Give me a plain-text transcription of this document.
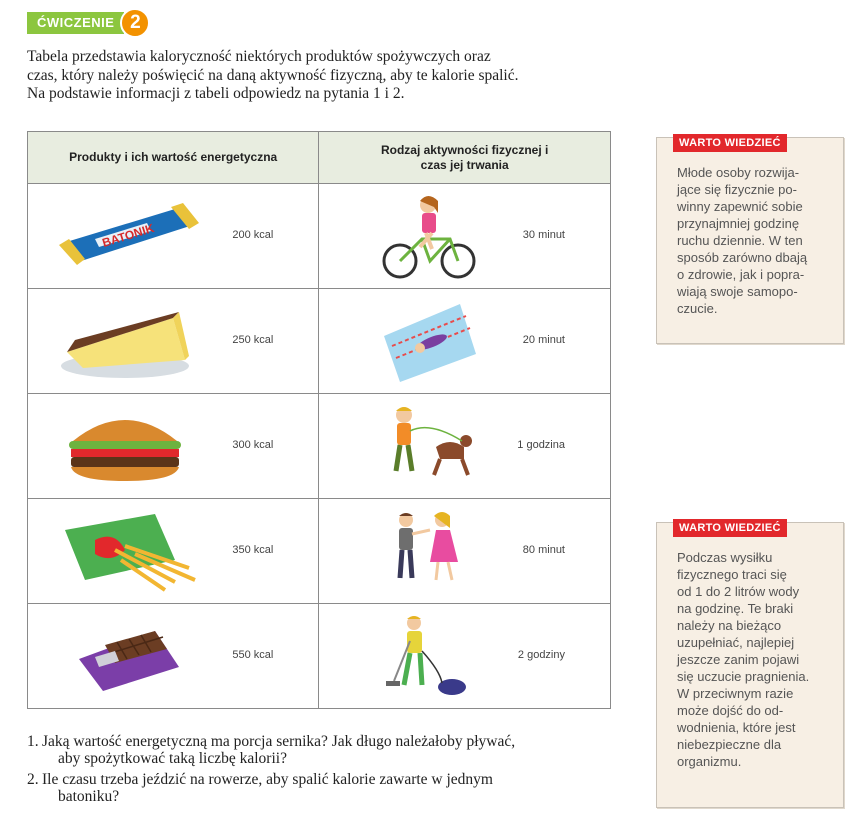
ĆWICZENIE 2

Tabela przedstawia kaloryczność niektórych produktów spożywczych oraz

czas, który należy poświęcić na daną aktywność fizyczną, aby te kalorie spalić.

Na podstawie informacji z tabeli odpowiedz na pytania 1 i 2.

Produkty i ich wartość energetyczna	Rodzaj aktywności fizycznej i czas jej trwania

BATONIK 200 kcal	30 minut

250 kcal	20 minut

300 kcal	1 godzina

350 kcal	80 minut

550 kcal	2 godziny
WARTO WIEDZIEĆ
Młode osoby rozwija-
jące się fizycznie po-
winny zapewnić sobie
przynajmniej godzinę
ruchu dziennie. W ten
sposób zarówno dbają
o zdrowie, jak i popra-
wiają swoje samopo-
czucie.
WARTO WIEDZIEĆ
Podczas wysiłku
fizycznego traci się
od 1 do 2 litrów wody
na godzinę. Te braki
należy na bieżąco
uzupełniać, najlepiej
jeszcze zanim pojawi
się uczucie pragnienia.
W przeciwnym razie
może dojść do od-
wodnienia, które jest
niebezpieczne dla
organizmu.
1. Jaką wartość energetyczną ma porcja sernika? Jak długo należałoby pływać,
aby spożytkować taką liczbę kalorii?
2. Ile czasu trzeba jeździć na rowerze, aby spalić kalorie zawarte w jednym
batoniku?
